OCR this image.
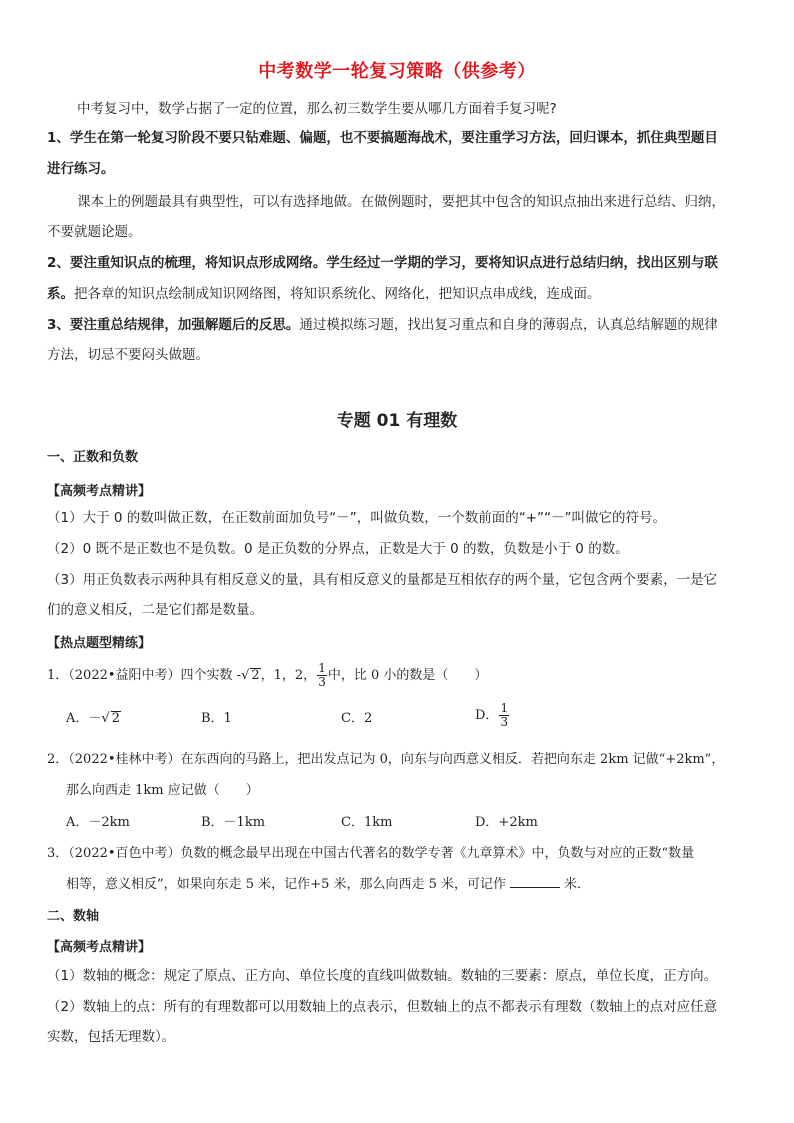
中考数学一轮复习策略（供参考）
中考复习中，数学占据了一定的位置，那么初三数学生要从哪几方面着手复习呢?
1、学生在第一轮复习阶段不要只钻难题、偏题，也不要搞题海战术，要注重学习方法，回归课本，抓住典型题目
进行练习。
课本上的例题最具有典型性，可以有选择地做。在做例题时，要把其中包含的知识点抽出来进行总结、归纳，
不要就题论题。
2、要注重知识点的梳理，将知识点形成网络。学生经过一学期的学习，要将知识点进行总结归纳，找出区别与联
系。把各章的知识点绘制成知识网络图，将知识系统化、网络化，把知识点串成线，连成面。
3、要注重总结规律，加强解题后的反思。通过模拟练习题，找出复习重点和自身的薄弱点，认真总结解题的规律
方法，切忌不要闷头做题。
专题 01 有理数
一、正数和负数
【高频考点精讲】
（1）大于 0 的数叫做正数，在正数前面加负号“－”，叫做负数，一个数前面的“+”“－”叫做它的符号。
（2）0 既不是正数也不是负数。0 是正负数的分界点，正数是大于 0 的数，负数是小于 0 的数。
（3）用正负数表示两种具有相反意义的量，具有相反意义的量都是互相依存的两个量，它包含两个要素，一是它
们的意义相反，二是它们都是数量。
【热点题型精练】
1．（2022•益阳中考）四个实数 -√ 2，1，2， $\frac{1}{3}$ 中，比 0 小的数是（　　）
A．－√ 2	B．1	C．2	D． $\frac{1}{3}$
2．（2022•桂林中考）在东西向的马路上，把出发点记为 0，向东与向西意义相反．若把向东走 2km 记做“+2km”，
那么向西走 1km 应记做（　　）
A．－2km	B．－1km	C．1km	D．+2km
3．（2022•百色中考）负数的概念最早出现在中国古代著名的数学专著《九章算术》中，负数与对应的正数“数量
相等，意义相反”，如果向东走 5 米，记作+5 米，那么向西走 5 米，可记作	米．
二、数轴
【高频考点精讲】
（1）数轴的概念：规定了原点、正方向、单位长度的直线叫做数轴。数轴的三要素：原点，单位长度，正方向。
（2）数轴上的点：所有的有理数都可以用数轴上的点表示，但数轴上的点不都表示有理数（数轴上的点对应任意
实数，包括无理数）。
